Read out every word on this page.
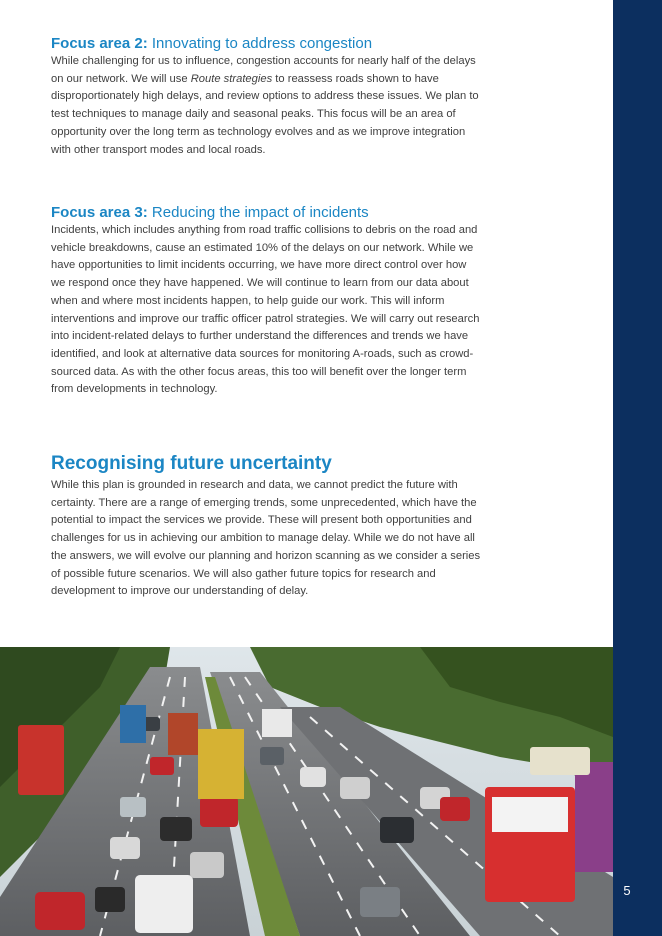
5

Focus area 2: Innovating to address congestion

While challenging for us to influence, congestion accounts for nearly half of the delays on our network. We will use Route strategies to reassess roads shown to have disproportionately high delays, and review options to address these issues. We plan to test techniques to manage daily and seasonal peaks. This focus will be an area of opportunity over the long term as technology evolves and as we improve integration with other transport modes and local roads.

Focus area 3: Reducing the impact of incidents

Incidents, which includes anything from road traffic collisions to debris on the road and vehicle breakdowns, cause an estimated 10% of the delays on our network. While we have opportunities to limit incidents occurring, we have more direct control over how we respond once they have happened. We will continue to learn from our data about when and where most incidents happen, to help guide our work. This will inform interventions and improve our traffic officer patrol strategies. We will carry out research into incident-related delays to further understand the differences and trends we have identified, and look at alternative data sources for monitoring A-roads, such as crowd-sourced data. As with the other focus areas, this too will benefit over the longer term from developments in technology.

Recognising future uncertainty

While this plan is grounded in research and data, we cannot predict the future with certainty. There are a range of emerging trends, some unprecedented, which have the potential to impact the services we provide. These will present both opportunities and challenges for us in achieving our ambition to manage delay. While we do not have all the answers, we will evolve our planning and horizon scanning as we consider a series of possible future scenarios. We will also gather future topics for research and development to improve our understanding of delay.
